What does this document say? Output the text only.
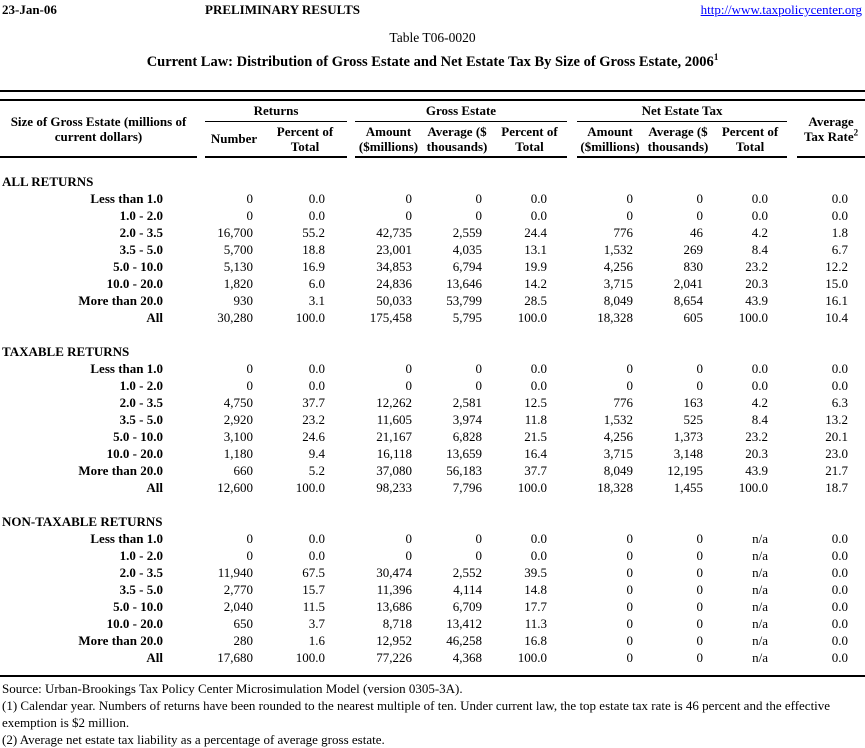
23-Jan-06	PRELIMINARY RESULTS	http://www.taxpolicycenter.org
Table T06-0020
Current Law: Distribution of Gross Estate and Net Estate Tax By Size of Gross Estate, 2006$^1$
Size of Gross Estate (millions of current dollars)		Returns			Gross Estate				Net Estate Tax				Average
Tax Rate$^2$

		Number	Percent of Total		Amount ($millions)	Average ($ thousands)	Percent of Total		Amount ($millions)	Average ($ thousands)	Percent of Total		

ALL RETURNS													
Less than 1.0		0	0.0		0	0	0.0		0	0	0.0		0.0
1.0 - 2.0		0	0.0		0	0	0.0		0	0	0.0		0.0
2.0 - 3.5		16,700	55.2		42,735	2,559	24.4		776	46	4.2		1.8
3.5 - 5.0		5,700	18.8		23,001	4,035	13.1		1,532	269	8.4		6.7
5.0 - 10.0		5,130	16.9		34,853	6,794	19.9		4,256	830	23.2		12.2
10.0 - 20.0		1,820	6.0		24,836	13,646	14.2		3,715	2,041	20.3		15.0
More than 20.0		930	3.1		50,033	53,799	28.5		8,049	8,654	43.9		16.1
All		30,280	100.0		175,458	5,795	100.0		18,328	605	100.0		10.4

TAXABLE RETURNS													
Less than 1.0		0	0.0		0	0	0.0		0	0	0.0		0.0
1.0 - 2.0		0	0.0		0	0	0.0		0	0	0.0		0.0
2.0 - 3.5		4,750	37.7		12,262	2,581	12.5		776	163	4.2		6.3
3.5 - 5.0		2,920	23.2		11,605	3,974	11.8		1,532	525	8.4		13.2
5.0 - 10.0		3,100	24.6		21,167	6,828	21.5		4,256	1,373	23.2		20.1
10.0 - 20.0		1,180	9.4		16,118	13,659	16.4		3,715	3,148	20.3		23.0
More than 20.0		660	5.2		37,080	56,183	37.7		8,049	12,195	43.9		21.7
All		12,600	100.0		98,233	7,796	100.0		18,328	1,455	100.0		18.7

NON-TAXABLE RETURNS													
Less than 1.0		0	0.0		0	0	0.0		0	0	n/a		0.0
1.0 - 2.0		0	0.0		0	0	0.0		0	0	n/a		0.0
2.0 - 3.5		11,940	67.5		30,474	2,552	39.5		0	0	n/a		0.0
3.5 - 5.0		2,770	15.7		11,396	4,114	14.8		0	0	n/a		0.0
5.0 - 10.0		2,040	11.5		13,686	6,709	17.7		0	0	n/a		0.0
10.0 - 20.0		650	3.7		8,718	13,412	11.3		0	0	n/a		0.0
More than 20.0		280	1.6		12,952	46,258	16.8		0	0	n/a		0.0
All		17,680	100.0		77,226	4,368	100.0		0	0	n/a		0.0

Source: Urban-Brookings Tax Policy Center Microsimulation Model (version 0305-3A).
(1) Calendar year. Numbers of returns have been rounded to the nearest multiple of ten. Under current law, the top estate tax rate is 46 percent and the effective exemption is $2 million.
(2) Average net estate tax liability as a percentage of average gross estate.
